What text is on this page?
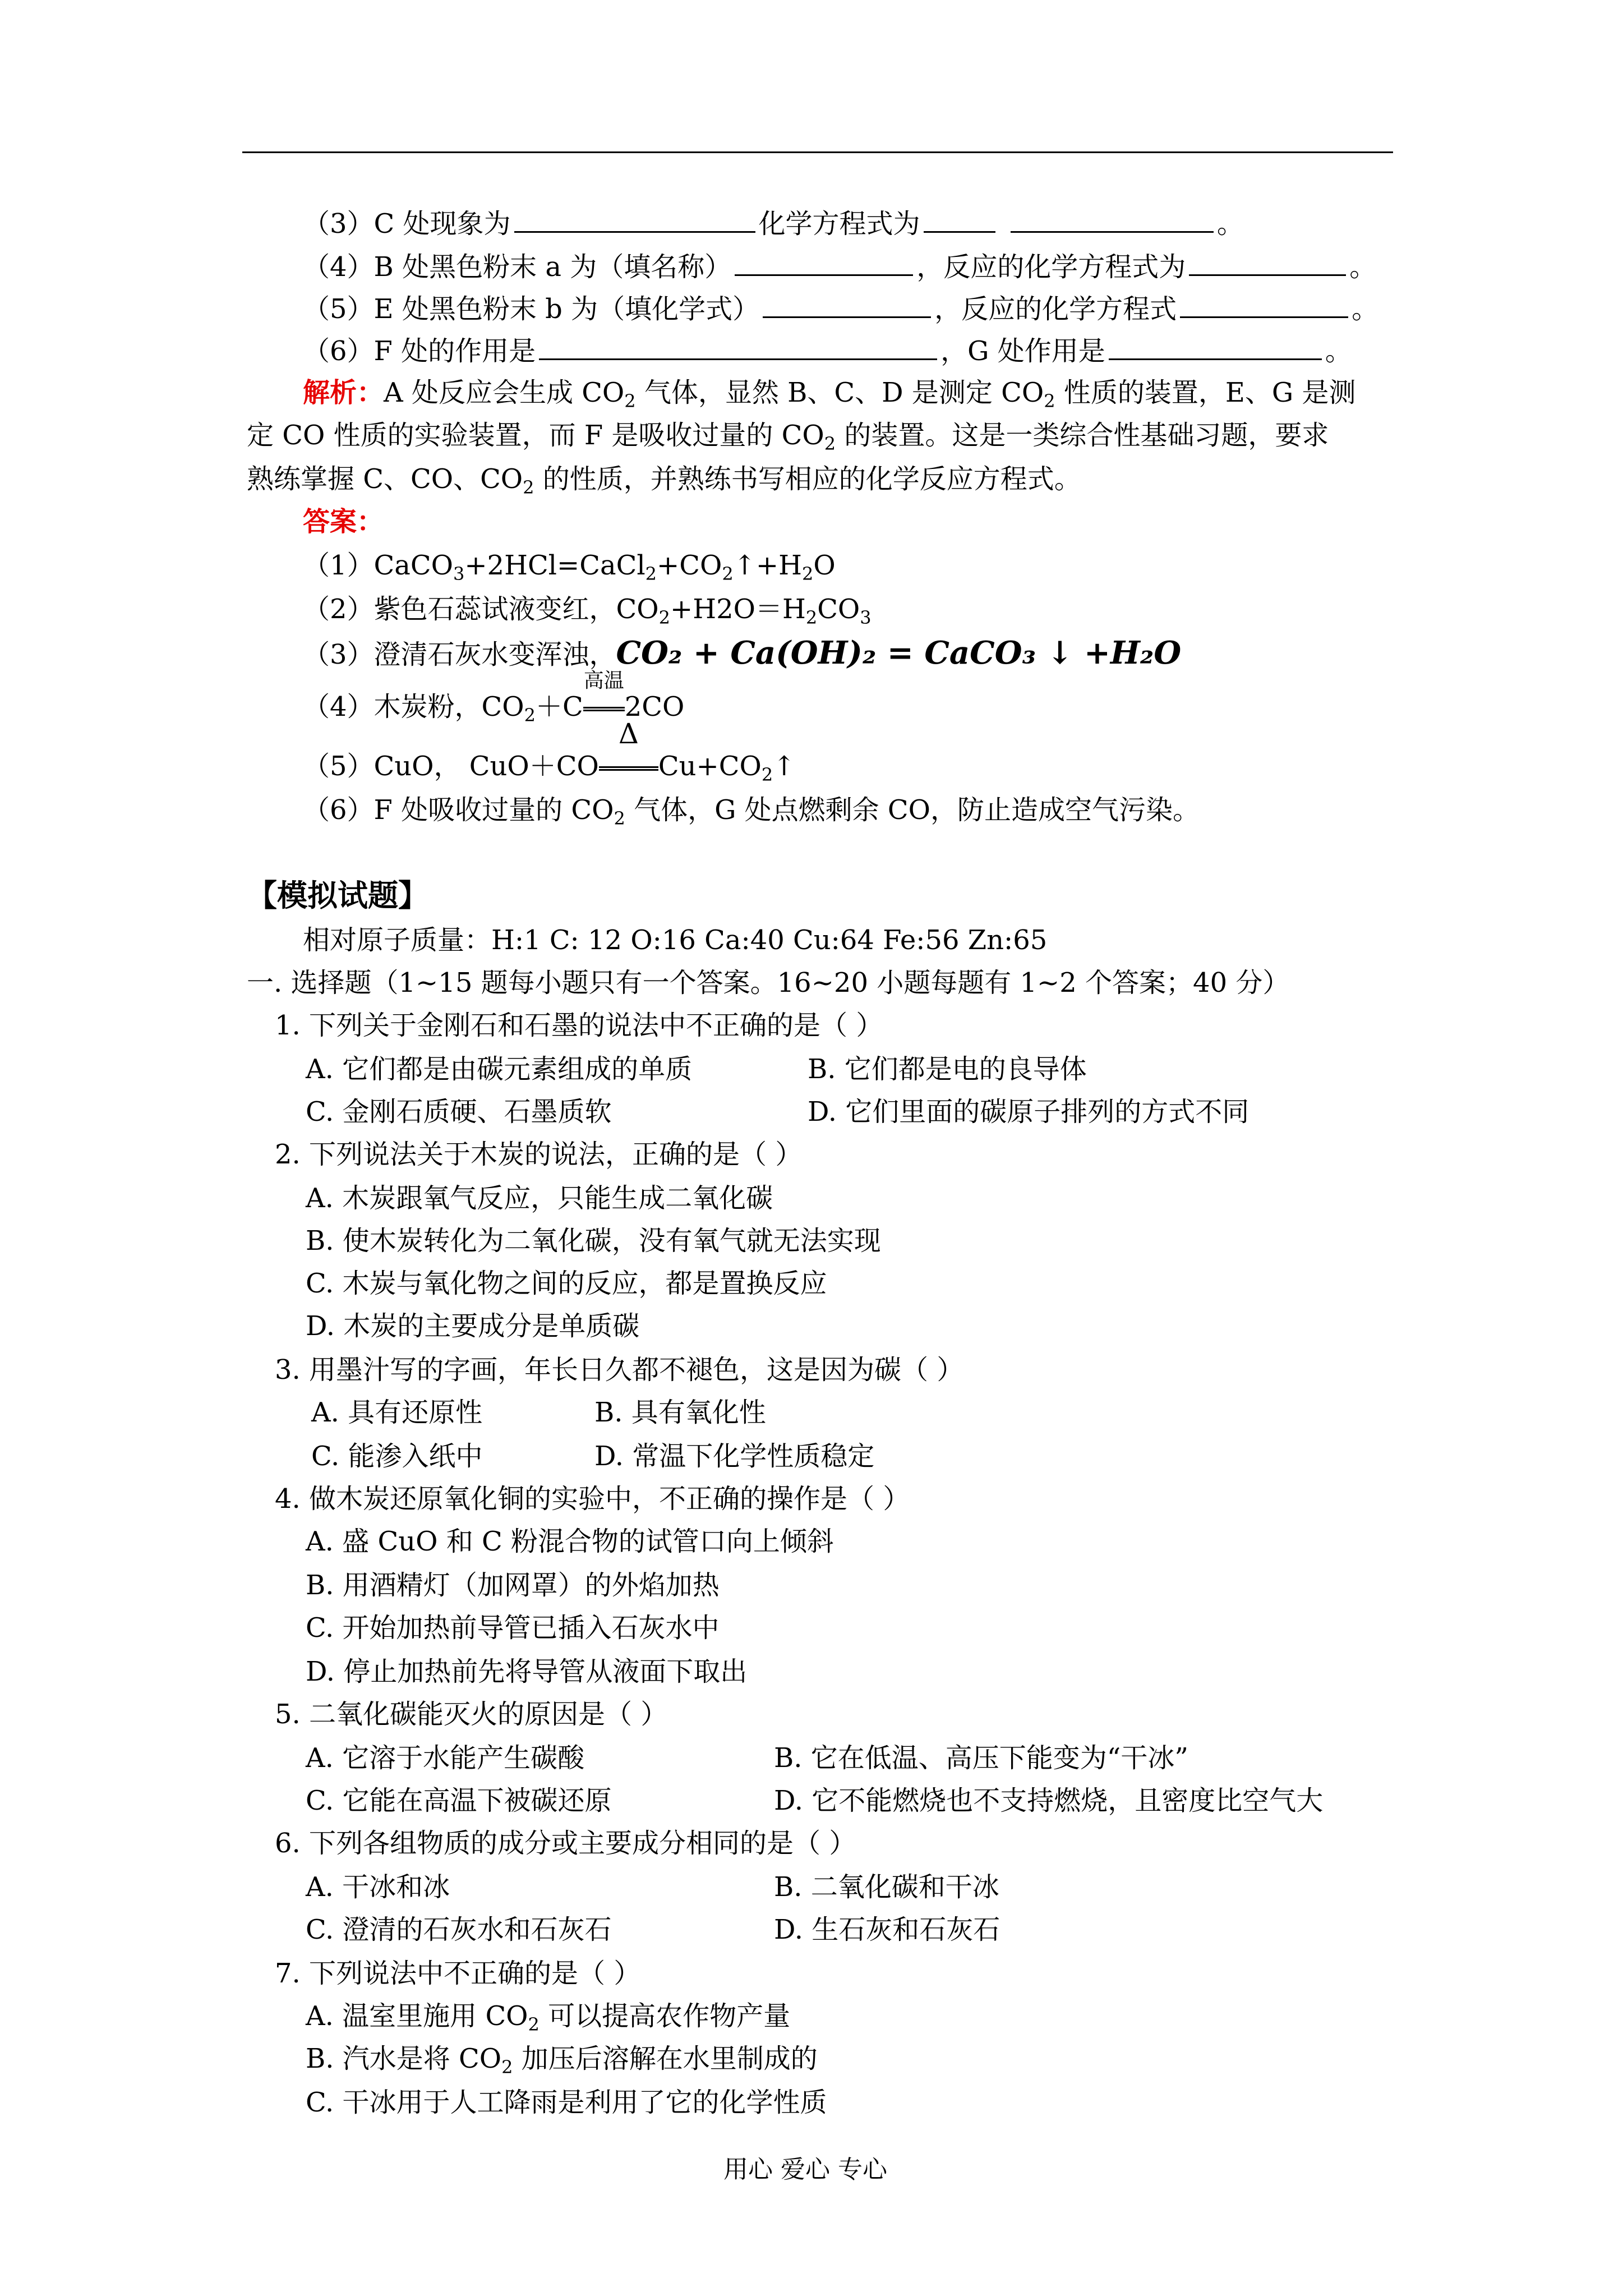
（3）C 处现象为	化学方程式为	。
（4）B 处黑色粉末 a 为（填名称）	，反应的化学方程式为	。
（5）E 处黑色粉末 b 为（填化学式）	，反应的化学方程式	。
（6）F 处的作用是	，G 处作用是	。
解析：A 处反应会生成 $CO_2$ 气体，显然 B、C、D 是测定 $CO_2$ 性质的装置，E、G 是测
定 CO 性质的实验装置，而 F 是吸收过量的 $CO_2$ 的装置。这是一类综合性基础习题，要求
熟练掌握 C、CO、$CO_2$ 的性质，并熟练书写相应的化学反应方程式。
答案：
$(1)CaCO_3+2HCl=CaCl_2+CO_2↑+H_2O$
（2）紫色石蕊试液变红，$CO_2+H2O=H_2CO_3$
（3）澄清石灰水变浑浊，CO₂ + Ca(OH)₂ = CaCO₃ ↓ +H₂O
（4）木炭粉，$CO_2+C$
高温
2CO
（5）CuO， CuO＋CO
Δ
$Cu+CO_2↑$
（6）F 处吸收过量的 $CO_2$ 气体，G 处点燃剩余 CO，防止造成空气污染。
【模拟试题】
相对原子质量：H:1 C: 12 O:16 Ca:40 Cu:64 Fe:56 Zn:65
一. 选择题（1~15 题每小题只有一个答案。16~20 小题每题有 1~2 个答案；40 分）
1. 下列关于金刚石和石墨的说法中不正确的是（ ）
A. 它们都是由碳元素组成的单质	B. 它们都是电的良导体
C. 金刚石质硬、石墨质软	D. 它们里面的碳原子排列的方式不同
2. 下列说法关于木炭的说法，正确的是（ ）
A. 木炭跟氧气反应，只能生成二氧化碳
B. 使木炭转化为二氧化碳，没有氧气就无法实现
C. 木炭与氧化物之间的反应，都是置换反应
D. 木炭的主要成分是单质碳
3. 用墨汁写的字画，年长日久都不褪色，这是因为碳（ ）
A. 具有还原性	B. 具有氧化性
C. 能渗入纸中	D. 常温下化学性质稳定
4. 做木炭还原氧化铜的实验中，不正确的操作是（ ）
A. 盛 CuO 和 C 粉混合物的试管口向上倾斜
B. 用酒精灯（加网罩）的外焰加热
C. 开始加热前导管已插入石灰水中
D. 停止加热前先将导管从液面下取出
5. 二氧化碳能灭火的原因是（ ）
A. 它溶于水能产生碳酸	B. 它在低温、高压下能变为“干冰”
C. 它能在高温下被碳还原	D. 它不能燃烧也不支持燃烧，且密度比空气大
6. 下列各组物质的成分或主要成分相同的是（ ）
A. 干冰和冰	B. 二氧化碳和干冰
C. 澄清的石灰水和石灰石	D. 生石灰和石灰石
7. 下列说法中不正确的是（ ）
A. 温室里施用 $CO_2$ 可以提高农作物产量
B. 汽水是将 $CO_2$ 加压后溶解在水里制成的
C. 干冰用于人工降雨是利用了它的化学性质
用心 爱心 专心
